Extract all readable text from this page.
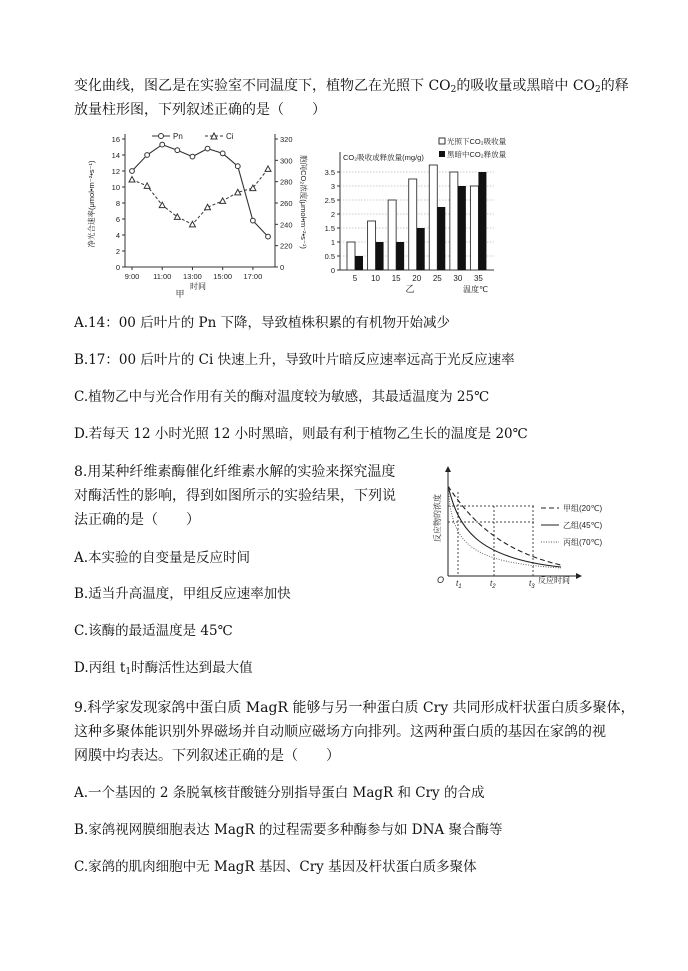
变化曲线，图乙是在实验室不同温度下，植物乙在光照下 $CO_2$的吸收量或黑暗中 $CO_2$的释
放量柱形图，下列叙述正确的是（　　）
Pn	Ci
时间
甲
净光合速率(μmol•m⁻²•s⁻¹)	胞间CO₂浓度(μmol•m⁻²•s⁻¹)
0
2
4
6
8
10
12
14
16
0
220
240
260
280
300
320
9:00 11:00 13:00 15:00 17:00
CO₂吸收或释放量(mg/g)
光照下CO₂吸收量
黑暗中CO₂释放量
温度℃
乙
0
0.5
1
1.5
2
2.5
3
3.5
5 10 15 20 25 30 35
A.14：00 后叶片的 Pn 下降，导致植株积累的有机物开始减少
B.17：00 后叶片的 Ci 快速上升，导致叶片暗反应速率远高于光反应速率
C.植物乙中与光合作用有关的酶对温度较为敏感，其最适温度为 25℃
D.若每天 12 小时光照 12 小时黑暗，则最有利于植物乙生长的温度是 20℃
8.用某种纤维素酶催化纤维素水解的实验来探究温度
对酶活性的影响，得到如图所示的实验结果，下列说
法正确的是（　　）
A.本实验的自变量是反应时间
B.适当升高温度，甲组反应速率加快
C.该酶的最适温度是 45℃
D.丙组 $t_1$时酶活性达到最大值
反应物的浓度
O	反应时间
$t_1$	$t_2$	$t_3$
甲组(20℃)
乙组(45℃)
丙组(70℃)
9.科学家发现家鸽中蛋白质 MagR 能够与另一种蛋白质 Cry 共同形成杆状蛋白质多聚体，
这种多聚体能识别外界磁场并自动顺应磁场方向排列。这两种蛋白质的基因在家鸽的视
网膜中均表达。下列叙述正确的是（　　）
A.一个基因的 2 条脱氧核苷酸链分别指导蛋白 MagR 和 Cry 的合成
B.家鸽视网膜细胞表达 MagR 的过程需要多种酶参与如 DNA 聚合酶等
C.家鸽的肌肉细胞中无 MagR 基因、Cry 基因及杆状蛋白质多聚体
